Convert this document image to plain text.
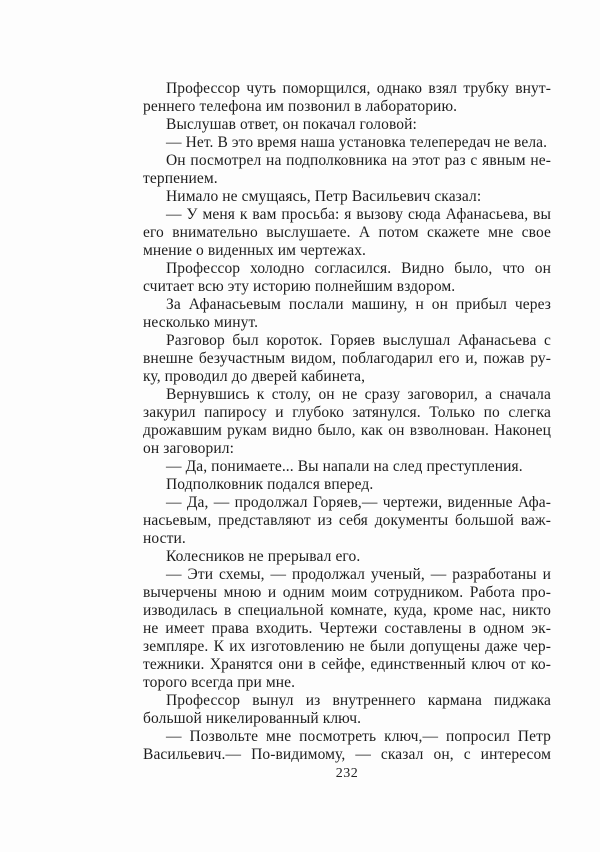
Профессор чуть поморщился, однако взял трубку внут-
реннего телефона им позвонил в лабораторию.
Выслушав ответ, он покачал головой:
— Нет. В это время наша установка телепередач не вела.
Он посмотрел на подполковника на этот раз с явным не-
терпением.
Нимало не смущаясь, Петр Васильевич сказал:
— У меня к вам просьба: я вызову сюда Афанасьева, вы
его внимательно выслушаете. А потом скажете мне свое
мнение о виденных им чертежах.
Профессор холодно согласился. Видно было, что он
считает всю эту историю полнейшим вздором.
За Афанасьевым послали машину, н он прибыл через
несколько минут.
Разговор был короток. Горяев выслушал Афанасьева с
внешне безучастным видом, поблагодарил его и, пожав ру-
ку, проводил до дверей кабинета,
Вернувшись к столу, он не сразу заговорил, а сначала
закурил папиросу и глубоко затянулся. Только по слегка
дрожавшим рукам видно было, как он взволнован. Наконец
он заговорил:
— Да, понимаете... Вы напали на след преступления.
Подполковник подался вперед.
— Да, — продолжал Горяев,— чертежи, виденные Афа-
насьевым, представляют из себя документы большой важ-
ности.
Колесников не прерывал его.
— Эти схемы, — продолжал ученый, — разработаны и
вычерчены мною и одним моим сотрудником. Работа про-
изводилась в специальной комнате, куда, кроме нас, никто
не имеет права входить. Чертежи составлены в одном эк-
земпляре. К их изготовлению не были допущены даже чер-
тежники. Хранятся они в сейфе, единственный ключ от ко-
торого всегда при мне.
Профессор вынул из внутреннего кармана пиджака
большой никелированный ключ.
— Позвольте мне посмотреть ключ,— попросил Петр
Васильевич.— По-видимому, — сказал он, с интересом
232
